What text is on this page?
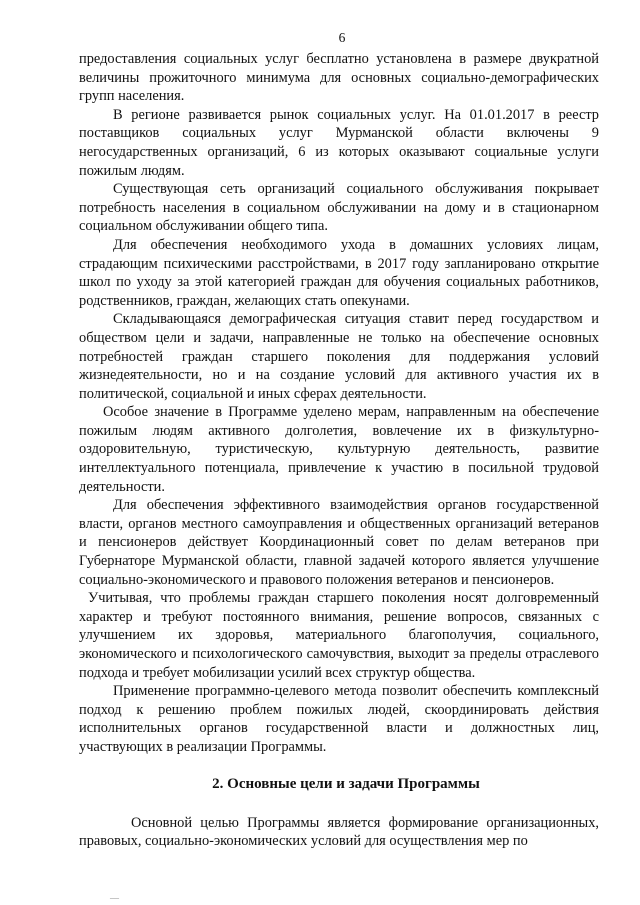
6

предоставления социальных услуг бесплатно установлена в размере двукратной величины прожиточного минимума для основных социально-демографических групп населения.

В регионе развивается рынок социальных услуг. На 01.01.2017 в реестр поставщиков социальных услуг Мурманской области включены 9 негосударственных организаций, 6 из которых оказывают социальные услуги пожилым людям.

Существующая сеть организаций социального обслуживания покрывает потребность населения в социальном обслуживании на дому и в стационарном социальном обслуживании общего типа.

Для обеспечения необходимого ухода в домашних условиях лицам, страдающим психическими расстройствами, в 2017 году запланировано открытие школ по уходу за этой категорией граждан для обучения социальных работников, родственников, граждан, желающих стать опекунами.

Складывающаяся демографическая ситуация ставит перед государством и обществом цели и задачи, направленные не только на обеспечение основных потребностей граждан старшего поколения для поддержания условий жизнедеятельности, но и на создание условий для активного участия их в политической, социальной и иных сферах деятельности.

Особое значение в Программе уделено мерам, направленным на обеспечение пожилым людям активного долголетия, вовлечение их в физкультурно-оздоровительную, туристическую, культурную деятельность, развитие интеллектуального потенциала, привлечение к участию в посильной трудовой деятельности.

Для обеспечения эффективного взаимодействия органов государственной власти, органов местного самоуправления и общественных организаций ветеранов и пенсионеров действует Координационный совет по делам ветеранов при Губернаторе Мурманской области, главной задачей которого является улучшение социально-экономического и правового положения ветеранов и пенсионеров.

Учитывая, что проблемы граждан старшего поколения носят долговременный характер и требуют постоянного внимания, решение вопросов, связанных с улучшением их здоровья, материального благополучия, социального, экономического и психологического самочувствия, выходит за пределы отраслевого подхода и требует мобилизации усилий всех структур общества.

Применение программно-целевого метода позволит обеспечить комплексный подход к решению проблем пожилых людей, скоординировать действия исполнительных органов государственной власти и должностных лиц, участвующих в реализации Программы.

2. Основные цели и задачи Программы

Основной целью Программы является формирование организационных, правовых, социально-экономических условий для осуществления мер по

—
